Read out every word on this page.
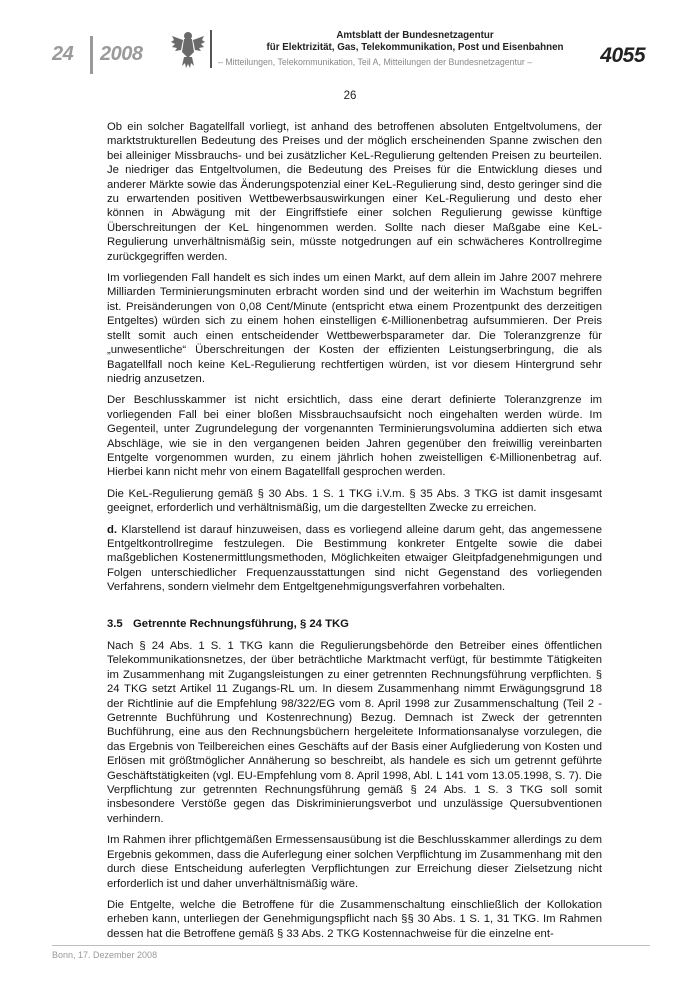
24 2008
Amtsblatt der Bundesnetzagentur
für Elektrizität, Gas, Telekommunikation, Post und Eisenbahnen
– Mitteilungen, Telekommunikation, Teil A, Mitteilungen der Bundesnetzagentur –	4055
26

Ob ein solcher Bagatellfall vorliegt, ist anhand des betroffenen absoluten Entgeltvolumens, der marktstrukturellen Bedeutung des Preises und der möglich erscheinenden Spanne zwischen den bei alleiniger Missbrauchs- und bei zusätzlicher KeL-Regulierung geltenden Preisen zu beurteilen. Je niedriger das Entgeltvolumen, die Bedeutung des Preises für die Entwicklung dieses und anderer Märkte sowie das Änderungspotenzial einer KeL-Regulierung sind, desto geringer sind die zu erwartenden positiven Wettbewerbsauswirkungen einer KeL-Regulierung und desto eher können in Abwägung mit der Eingriffstiefe einer solchen Regulierung gewisse künftige Überschreitungen der KeL hingenommen werden. Sollte nach dieser Maßgabe eine KeL-Regulierung unverhältnismäßig sein, müsste notgedrungen auf ein schwächeres Kontrollregime zurückgegriffen werden.

Im vorliegenden Fall handelt es sich indes um einen Markt, auf dem allein im Jahre 2007 mehrere Milliarden Terminierungsminuten erbracht worden sind und der weiterhin im Wachstum begriffen ist. Preisänderungen von 0,08 Cent/Minute (entspricht etwa einem Prozentpunkt des derzeitigen Entgeltes) würden sich zu einem hohen einstelligen €-Millionenbetrag aufsummieren. Der Preis stellt somit auch einen entscheidender Wettbewerbsparameter dar. Die Toleranzgrenze für „unwesentliche“ Überschreitungen der Kosten der effizienten Leistungserbringung, die als Bagatellfall noch keine KeL-Regulierung rechtfertigen würden, ist vor diesem Hintergrund sehr niedrig anzusetzen.

Der Beschlusskammer ist nicht ersichtlich, dass eine derart definierte Toleranzgrenze im vorliegenden Fall bei einer bloßen Missbrauchsaufsicht noch eingehalten werden würde. Im Gegenteil, unter Zugrundelegung der vorgenannten Terminierungsvolumina addierten sich etwa Abschläge, wie sie in den vergangenen beiden Jahren gegenüber den freiwillig vereinbarten Entgelte vorgenommen wurden, zu einem jährlich hohen zweistelligen €-Millionenbetrag auf. Hierbei kann nicht mehr von einem Bagatellfall gesprochen werden.

Die KeL-Regulierung gemäß § 30 Abs. 1 S. 1 TKG i.V.m. § 35 Abs. 3 TKG ist damit insgesamt geeignet, erforderlich und verhältnismäßig, um die dargestellten Zwecke zu erreichen.

d. Klarstellend ist darauf hinzuweisen, dass es vorliegend alleine darum geht, das angemessene Entgeltkontrollregime festzulegen. Die Bestimmung konkreter Entgelte sowie die dabei maßgeblichen Kostenermittlungsmethoden, Möglichkeiten etwaiger Gleitpfadgenehmigungen und Folgen unterschiedlicher Frequenzausstattungen sind nicht Gegenstand des vorliegenden Verfahrens, sondern vielmehr dem Entgeltgenehmigungsverfahren vorbehalten.

3.5 Getrennte Rechnungsführung, § 24 TKG

Nach § 24 Abs. 1 S. 1 TKG kann die Regulierungsbehörde den Betreiber eines öffentlichen Telekommunikationsnetzes, der über beträchtliche Marktmacht verfügt, für bestimmte Tätigkeiten im Zusammenhang mit Zugangsleistungen zu einer getrennten Rechnungsführung verpflichten. § 24 TKG setzt Artikel 11 Zugangs-RL um. In diesem Zusammenhang nimmt Erwägungsgrund 18 der Richtlinie auf die Empfehlung 98/322/EG vom 8. April 1998 zur Zusammenschaltung (Teil 2 - Getrennte Buchführung und Kostenrechnung) Bezug. Demnach ist Zweck der getrennten Buchführung, eine aus den Rechnungsbüchern hergeleitete Informationsanalyse vorzulegen, die das Ergebnis von Teilbereichen eines Geschäfts auf der Basis einer Aufgliederung von Kosten und Erlösen mit größtmöglicher Annäherung so beschreibt, als handele es sich um getrennt geführte Geschäftstätigkeiten (vgl. EU-Empfehlung vom 8. April 1998, Abl. L 141 vom 13.05.1998, S. 7). Die Verpflichtung zur getrennten Rechnungsführung gemäß § 24 Abs. 1 S. 3 TKG soll somit insbesondere Verstöße gegen das Diskriminierungsverbot und unzulässige Quersubventionen verhindern.

Im Rahmen ihrer pflichtgemäßen Ermessensausübung ist die Beschlusskammer allerdings zu dem Ergebnis gekommen, dass die Auferlegung einer solchen Verpflichtung im Zusammenhang mit den durch diese Entscheidung auferlegten Verpflichtungen zur Erreichung dieser Zielsetzung nicht erforderlich ist und daher unverhältnismäßig wäre.

Die Entgelte, welche die Betroffene für die Zusammenschaltung einschließlich der Kollokation erheben kann, unterliegen der Genehmigungspflicht nach §§ 30 Abs. 1 S. 1, 31 TKG. Im Rahmen dessen hat die Betroffene gemäß § 33 Abs. 2 TKG Kostennachweise für die einzelne ent-

Bonn, 17. Dezember 2008
